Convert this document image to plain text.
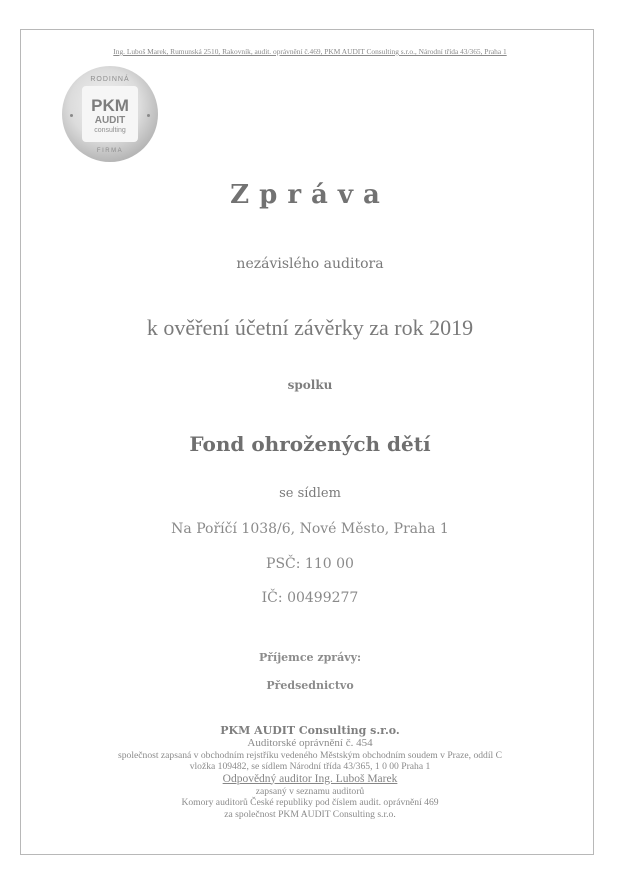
Ing. Luboš Marek, Rumunská 2510, Rakovník, audit. oprávnění č.469, PKM AUDIT Consulting s.r.o., Národní třída 43/365, Praha 1
RODINNÁ
PKM
AUDIT
consulting
FIRMA
Zpráva
nezávislého auditora
k ověření účetní závěrky za rok 2019
spolku
Fond ohrožených dětí
se sídlem
Na Poříčí 1038/6, Nové Město, Praha 1
PSČ: 110 00
IČ: 00499277
Příjemce zprávy:
Předsednictvo
PKM AUDIT Consulting s.r.o.
Auditorské oprávnění č. 454
společnost zapsaná v obchodním rejstříku vedeného Městským obchodním soudem v Praze, oddíl C
vložka 109482, se sídlem Národní třída 43/365, 1 0 00 Praha 1
Odpovědný auditor Ing. Luboš Marek
zapsaný v seznamu auditorů
Komory auditorů České republiky pod číslem audit. oprávnění 469
za společnost PKM AUDIT Consulting s.r.o.
